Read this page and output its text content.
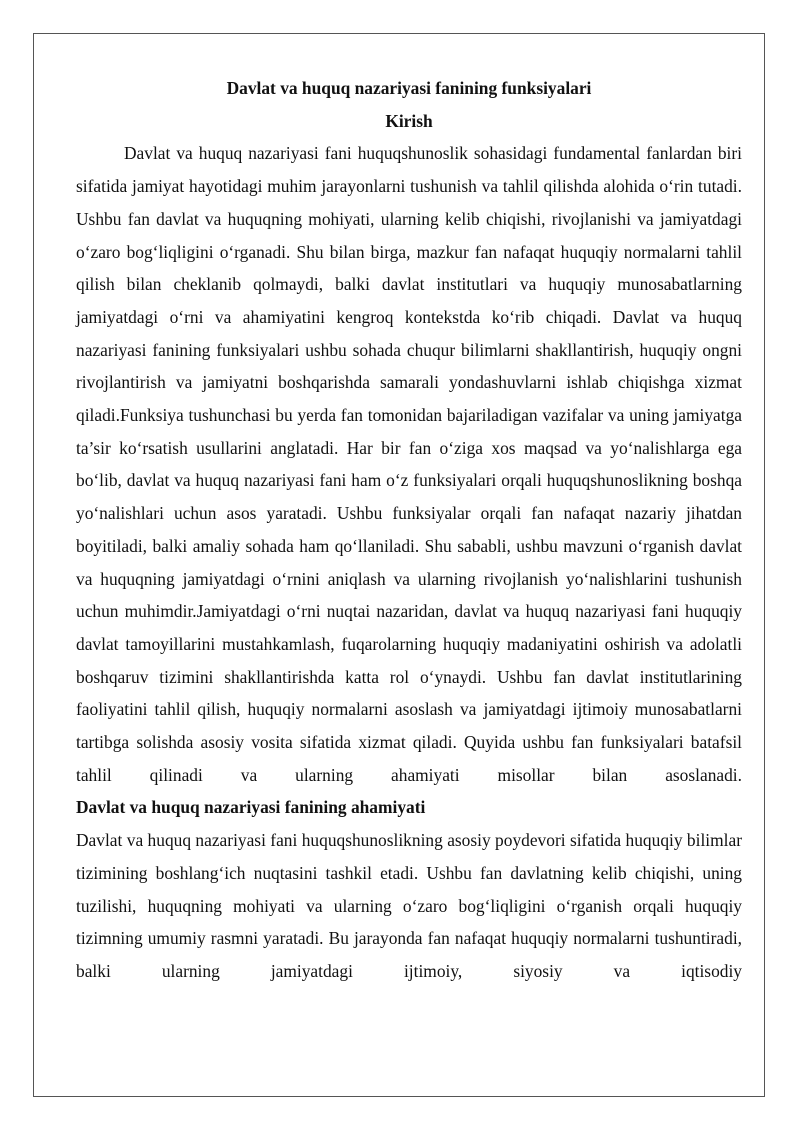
Davlat va huquq nazariyasi fanining funksiyalari

Kirish

Davlat va huquq nazariyasi fani huquqshunoslik sohasidagi fundamental fanlardan biri sifatida jamiyat hayotidagi muhim jarayonlarni tushunish va tahlil qilishda alohida oʻrin tutadi. Ushbu fan davlat va huquqning mohiyati, ularning kelib chiqishi, rivojlanishi va jamiyatdagi oʻzaro bogʻliqligini oʻrganadi. Shu bilan birga, mazkur fan nafaqat huquqiy normalarni tahlil qilish bilan cheklanib qolmaydi, balki davlat institutlari va huquqiy munosabatlarning jamiyatdagi oʻrni va ahamiyatini kengroq kontekstda koʻrib chiqadi. Davlat va huquq nazariyasi fanining funksiyalari ushbu sohada chuqur bilimlarni shakllantirish, huquqiy ongni rivojlantirish va jamiyatni boshqarishda samarali yondashuvlarni ishlab chiqishga xizmat qiladi.Funksiya tushunchasi bu yerda fan tomonidan bajariladigan vazifalar va uning jamiyatga ta’sir koʻrsatish usullarini anglatadi. Har bir fan oʻziga xos maqsad va yoʻnalishlarga ega boʻlib, davlat va huquq nazariyasi fani ham oʻz funksiyalari orqali huquqshunoslikning boshqa yoʻnalishlari uchun asos yaratadi. Ushbu funksiyalar orqali fan nafaqat nazariy jihatdan boyitiladi, balki amaliy sohada ham qoʻllaniladi. Shu sababli, ushbu mavzuni oʻrganish davlat va huquqning jamiyatdagi oʻrnini aniqlash va ularning rivojlanish yoʻnalishlarini tushunish uchun muhimdir.Jamiyatdagi oʻrni nuqtai nazaridan, davlat va huquq nazariyasi fani huquqiy davlat tamoyillarini mustahkamlash, fuqarolarning huquqiy madaniyatini oshirish va adolatli boshqaruv tizimini shakllantirishda katta rol oʻynaydi. Ushbu fan davlat institutlarining faoliyatini tahlil qilish, huquqiy normalarni asoslash va jamiyatdagi ijtimoiy munosabatlarni tartibga solishda asosiy vosita sifatida xizmat qiladi. Quyida ushbu fan funksiyalari batafsil tahlil qilinadi va ularning ahamiyati misollar bilan asoslanadi.

Davlat va huquq nazariyasi fanining ahamiyati

Davlat va huquq nazariyasi fani huquqshunoslikning asosiy poydevori sifatida huquqiy bilimlar tizimining boshlangʻich nuqtasini tashkil etadi. Ushbu fan davlatning kelib chiqishi, uning tuzilishi, huquqning mohiyati va ularning oʻzaro bogʻliqligini oʻrganish orqali huquqiy tizimning umumiy rasmni yaratadi. Bu jarayonda fan nafaqat huquqiy normalarni tushuntiradi, balki ularning jamiyatdagi ijtimoiy, siyosiy va iqtisodiy
